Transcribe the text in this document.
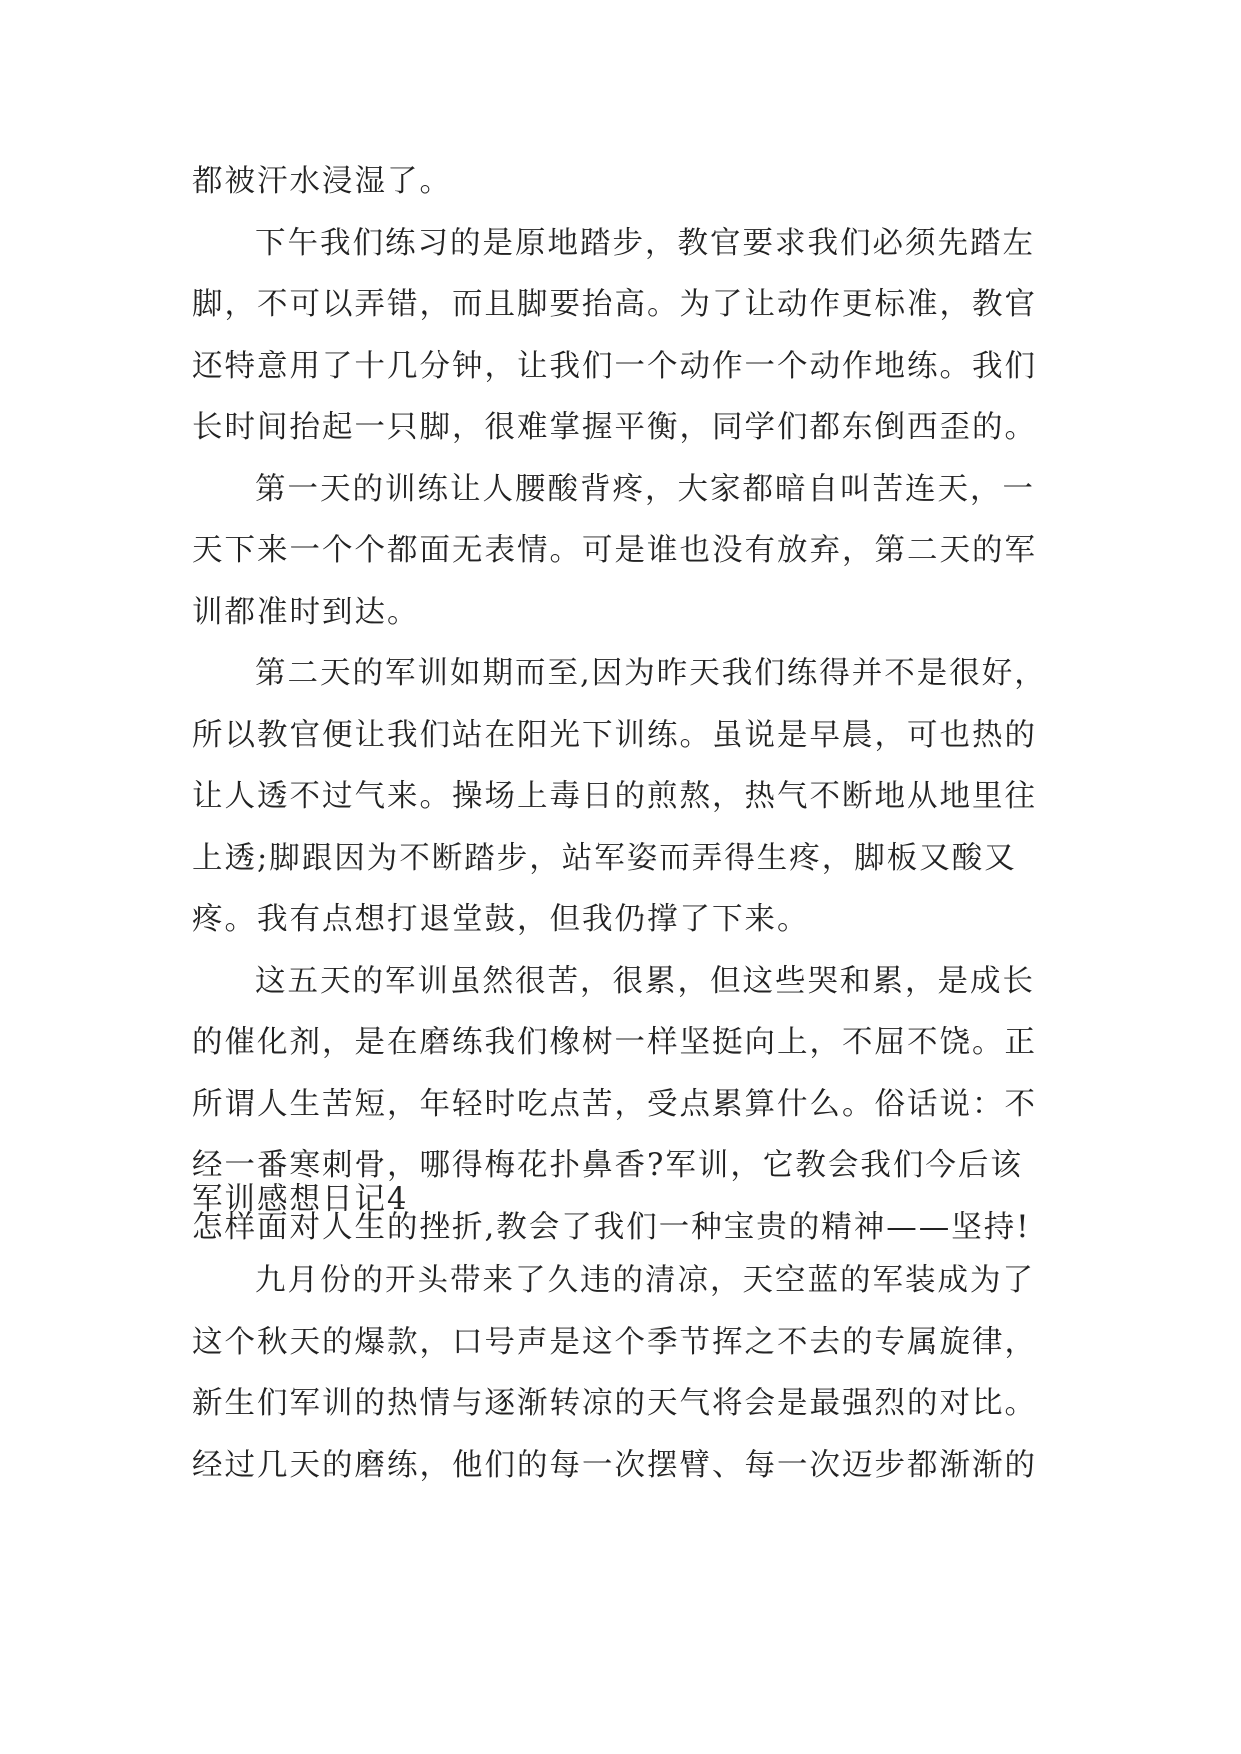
都被汗水浸湿了。
下午我们练习的是原地踏步，教官要求我们必须先踏左
脚，不可以弄错，而且脚要抬高。为了让动作更标准，教官
还特意用了十几分钟，让我们一个动作一个动作地练。我们
长时间抬起一只脚，很难掌握平衡，同学们都东倒西歪的。
第一天的训练让人腰酸背疼，大家都暗自叫苦连天，一
天下来一个个都面无表情。可是谁也没有放弃，第二天的军
训都准时到达。
第二天的军训如期而至,因为昨天我们练得并不是很好，
所以教官便让我们站在阳光下训练。虽说是早晨，可也热的
让人透不过气来。操场上毒日的煎熬，热气不断地从地里往
上透;脚跟因为不断踏步，站军姿而弄得生疼，脚板又酸又
疼。我有点想打退堂鼓，但我仍撑了下来。
这五天的军训虽然很苦，很累，但这些哭和累，是成长
的催化剂，是在磨练我们橡树一样坚挺向上，不屈不饶。正
所谓人生苦短，年轻时吃点苦，受点累算什么。俗话说：不
经一番寒刺骨，哪得梅花扑鼻香?军训，它教会我们今后该
怎样面对人生的挫折,教会了我们一种宝贵的精神——坚持!
军训感想日记4
九月份的开头带来了久违的清凉，天空蓝的军装成为了
这个秋天的爆款，口号声是这个季节挥之不去的专属旋律，
新生们军训的热情与逐渐转凉的天气将会是最强烈的对比。
经过几天的磨练，他们的每一次摆臂、每一次迈步都渐渐的
